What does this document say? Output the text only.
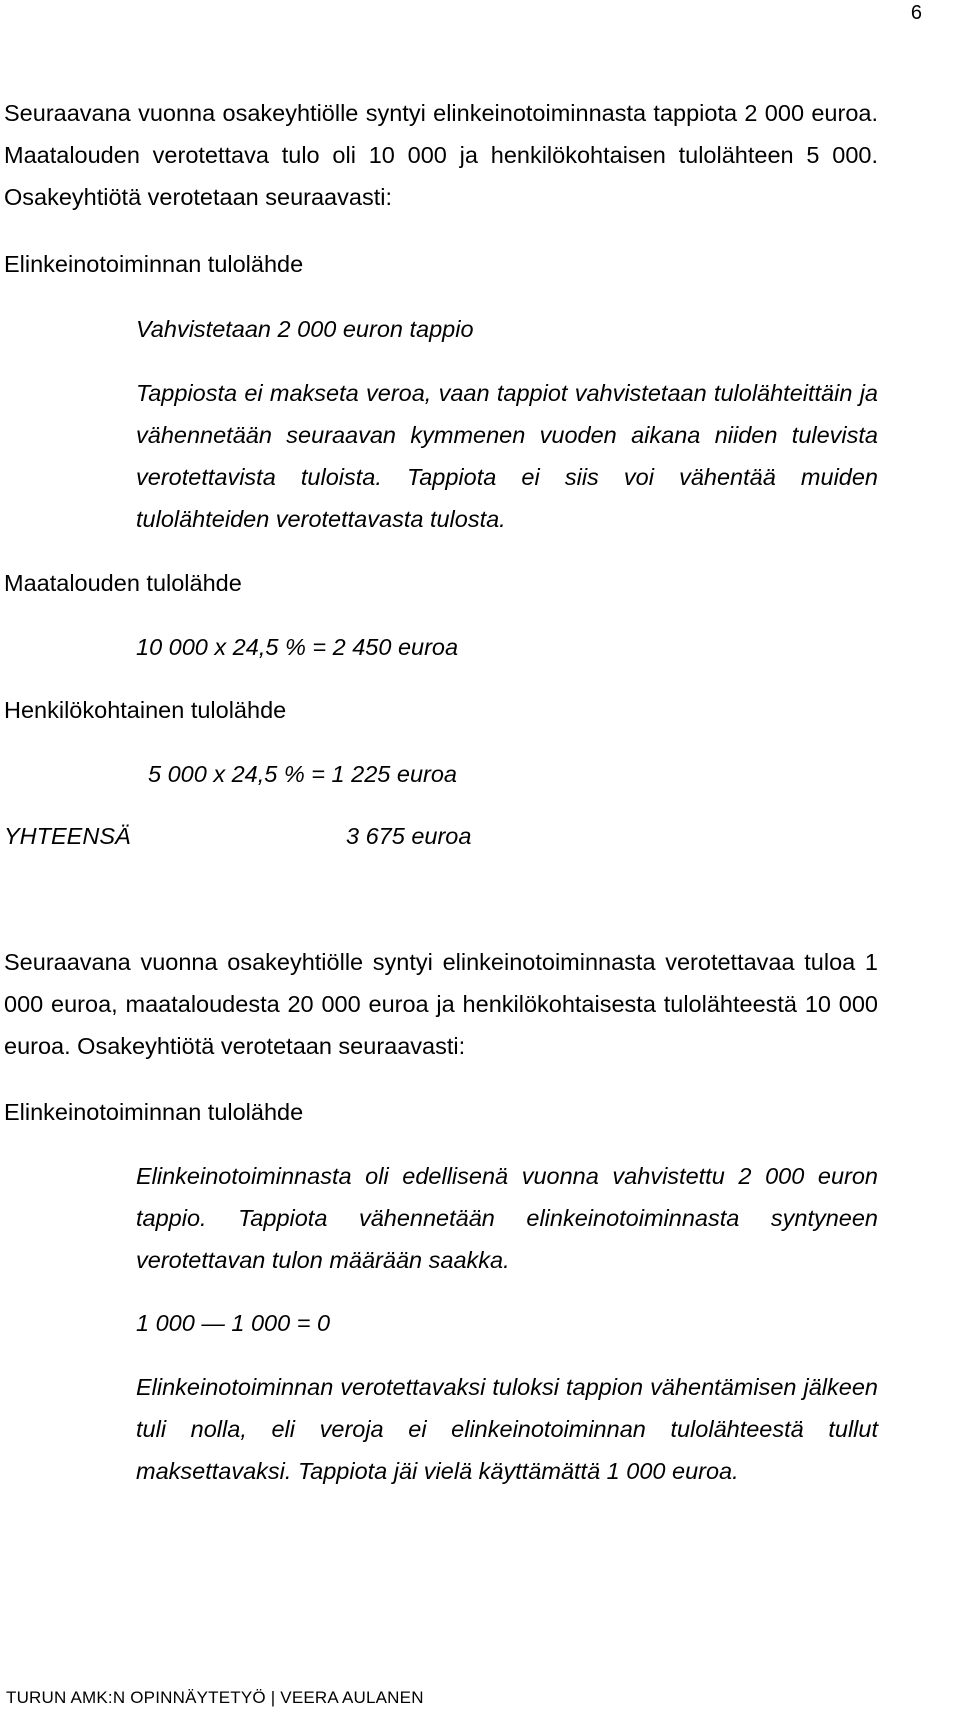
6

Seuraavana vuonna osakeyhtiölle syntyi elinkeinotoiminnasta tappiota 2 000 euroa. Maatalouden verotettava tulo oli 10 000 ja henkilökohtaisen tulolähteen 5 000. Osakeyhtiötä verotetaan seuraavasti:

Elinkeinotoiminnan tulolähde

Vahvistetaan 2 000 euron tappio

Tappiosta ei makseta veroa, vaan tappiot vahvistetaan tulolähteittäin ja vähennetään seuraavan kymmenen vuoden aikana niiden tulevista verotettavista tuloista. Tappiota ei siis voi vähentää muiden tulolähteiden verotettavasta tulosta.

Maatalouden tulolähde

10 000 x 24,5 % = 2 450 euroa

Henkilökohtainen tulolähde

5 000 x 24,5 % = 1 225 euroa

YHTEENSÄ	3 675 euroa

Seuraavana vuonna osakeyhtiölle syntyi elinkeinotoiminnasta verotettavaa tuloa 1 000 euroa, maataloudesta 20 000 euroa ja henkilökohtaisesta tulolähteestä 10 000 euroa. Osakeyhtiötä verotetaan seuraavasti:

Elinkeinotoiminnan tulolähde

Elinkeinotoiminnasta oli edellisenä vuonna vahvistettu 2 000 euron tappio. Tappiota vähennetään elinkeinotoiminnasta syntyneen verotettavan tulon määrään saakka.

1 000 — 1 000 = 0

Elinkeinotoiminnan verotettavaksi tuloksi tappion vähentämisen jälkeen tuli nolla, eli veroja ei elinkeinotoiminnan tulolähteestä tullut maksettavaksi. Tappiota jäi vielä käyttämättä 1 000 euroa.

TURUN AMK:N OPINNÄYTETYÖ | VEERA AULANEN
